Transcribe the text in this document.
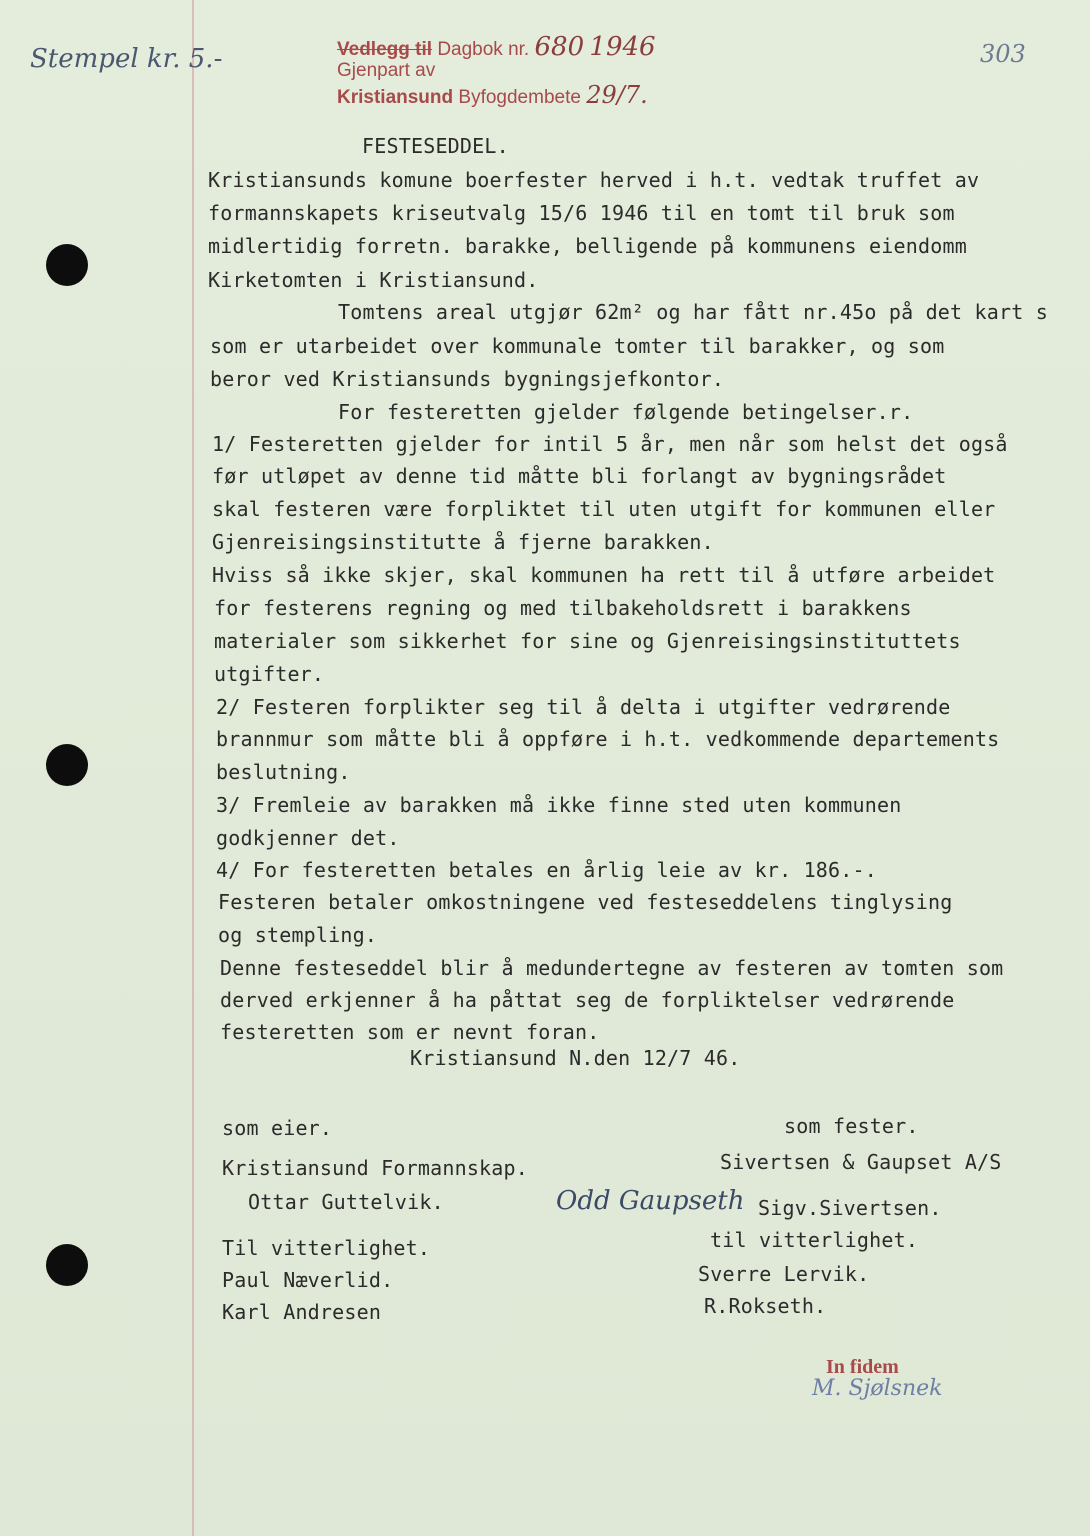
Stempel kr. 5.-	303
Vedlegg til Dagbok nr. 680 1946
Gjenpart av
Kristiansund Byfogdembete 29/7.
FESTESEDDEL.
Kristiansunds komune boerfester herved i h.t. vedtak truffet av
formannskapets kriseutvalg 15/6 1946 til en tomt til bruk som
midlertidig forretn. barakke, belligende på kommunens eiendomm
Kirketomten i Kristiansund.
Tomtens areal utgjør 62m² og har fått nr.45o på det kart s
som er utarbeidet over kommunale tomter til barakker, og som
beror ved Kristiansunds bygningsjefkontor.
For festeretten gjelder følgende betingelser.r.
1/ Festeretten gjelder for intil 5 år, men når som helst det også
før utløpet av denne tid måtte bli forlangt av bygningsrådet
skal festeren være forpliktet til uten utgift for kommunen eller
Gjenreisingsinstitutte å fjerne barakken.
Hviss så ikke skjer, skal kommunen ha rett til å utføre arbeidet
for festerens regning og med tilbakeholdsrett i barakkens
materialer som sikkerhet for sine og Gjenreisingsinstituttets
utgifter.
2/ Festeren forplikter seg til å delta i utgifter vedrørende
brannmur som måtte bli å oppføre i h.t. vedkommende departements
beslutning.
3/ Fremleie av barakken må ikke finne sted uten kommunen
godkjenner det.
4/ For festeretten betales en årlig leie av kr. 186.-.
Festeren betaler omkostningene ved festeseddelens tinglysing
og stempling.
Denne festeseddel blir å medundertegne av festeren av tomten som
derved erkjenner å ha påttat seg de forpliktelser vedrørende
festeretten som er nevnt foran.
Kristiansund N.den 12/7 46.
som eier.
Kristiansund Formannskap.
Ottar Guttelvik.
Til vitterlighet.
Paul Næverlid.
Karl Andresen
som fester.
Sivertsen & Gaupset A/S
Odd Gaupseth Sigv.Sivertsen.
til vitterlighet.
Sverre Lervik.
R.Rokseth.
In fidem
M. Sjølsnek
